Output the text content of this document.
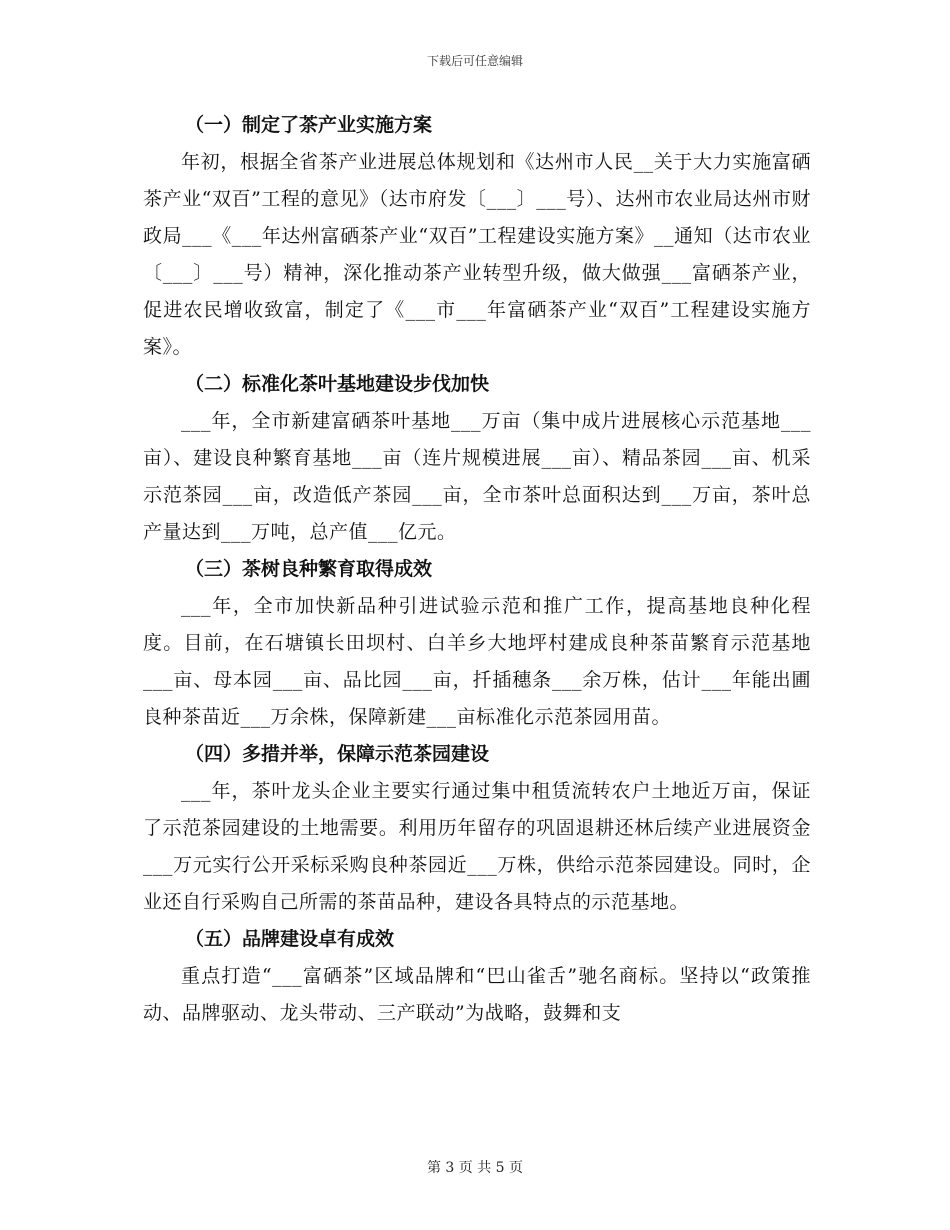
下载后可任意编辑

（一）制定了茶产业实施方案

年初，根据全省茶产业进展总体规划和《达州市人民__关于大力实施富硒茶产业“双百”工程的意见》（达市府发〔___〕___号）、达州市农业局达州市财政局___《___年达州富硒茶产业“双百”工程建设实施方案》__通知（达市农业〔___〕___号）精神，深化推动茶产业转型升级，做大做强___富硒茶产业，促进农民增收致富，制定了《___市___年富硒茶产业“双百”工程建设实施方案》。

（二）标准化茶叶基地建设步伐加快

___年，全市新建富硒茶叶基地___万亩（集中成片进展核心示范基地___亩）、建设良种繁育基地___亩（连片规模进展___亩）、精品茶园___亩、机采示范茶园___亩，改造低产茶园___亩，全市茶叶总面积达到___万亩，茶叶总产量达到___万吨，总产值___亿元。

（三）茶树良种繁育取得成效

___年，全市加快新品种引进试验示范和推广工作，提高基地良种化程度。目前，在石塘镇长田坝村、白羊乡大地坪村建成良种茶苗繁育示范基地___亩、母本园___亩、品比园___亩，扦插穗条___余万株，估计___年能出圃良种茶苗近___万余株，保障新建___亩标准化示范茶园用苗。

（四）多措并举，保障示范茶园建设

___年，茶叶龙头企业主要实行通过集中租赁流转农户土地近万亩，保证了示范茶园建设的土地需要。利用历年留存的巩固退耕还林后续产业进展资金___万元实行公开采标采购良种茶园近___万株，供给示范茶园建设。同时，企业还自行采购自己所需的茶苗品种，建设各具特点的示范基地。

（五）品牌建设卓有成效

重点打造“___富硒茶”区域品牌和“巴山雀舌”驰名商标。坚持以“政策推动、品牌驱动、龙头带动、三产联动”为战略，鼓舞和支

第 3 页 共 5 页
